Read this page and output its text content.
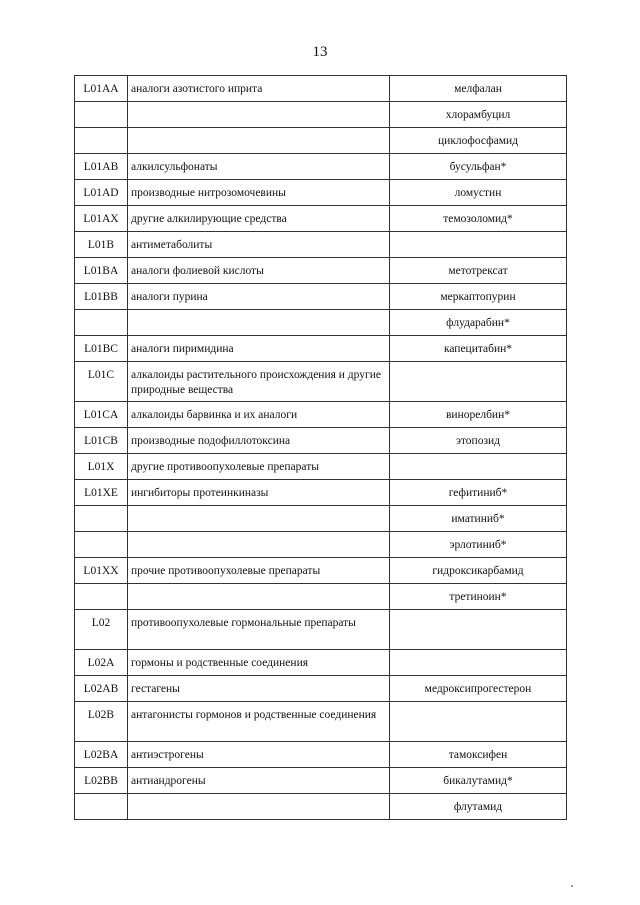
13
L01AA	аналоги азотистого иприта	мелфалан
		хлорамбуцил
		циклофосфамид
L01AB	алкилсульфонаты	бусульфан*
L01AD	производные нитрозомочевины	ломустин
L01AX	другие алкилирующие средства	темозоломид*
L01B	антиметаболиты	
L01BA	аналоги фолиевой кислоты	метотрексат
L01BB	аналоги пурина	меркаптопурин
		флударабин*
L01BC	аналоги пиримидина	капецитабин*
L01C	алкалоиды растительного происхождения и другие природные вещества	
L01CA	алкалоиды барвинка и их аналоги	винорелбин*
L01CB	производные подофиллотоксина	этопозид
L01X	другие противоопухолевые препараты	
L01XE	ингибиторы протеинкиназы	гефитиниб*
		иматиниб*
		эрлотиниб*
L01XX	прочие противоопухолевые препараты	гидроксикарбамид
		третиноин*
L02	противоопухолевые гормональные препараты	
L02A	гормоны и родственные соединения	
L02AB	гестагены	медроксипрогестерон
L02B	антагонисты гормонов и родственные соединения	
L02BA	антиэстрогены	тамоксифен
L02BB	антиандрогены	бикалутамид*
		флутамид
